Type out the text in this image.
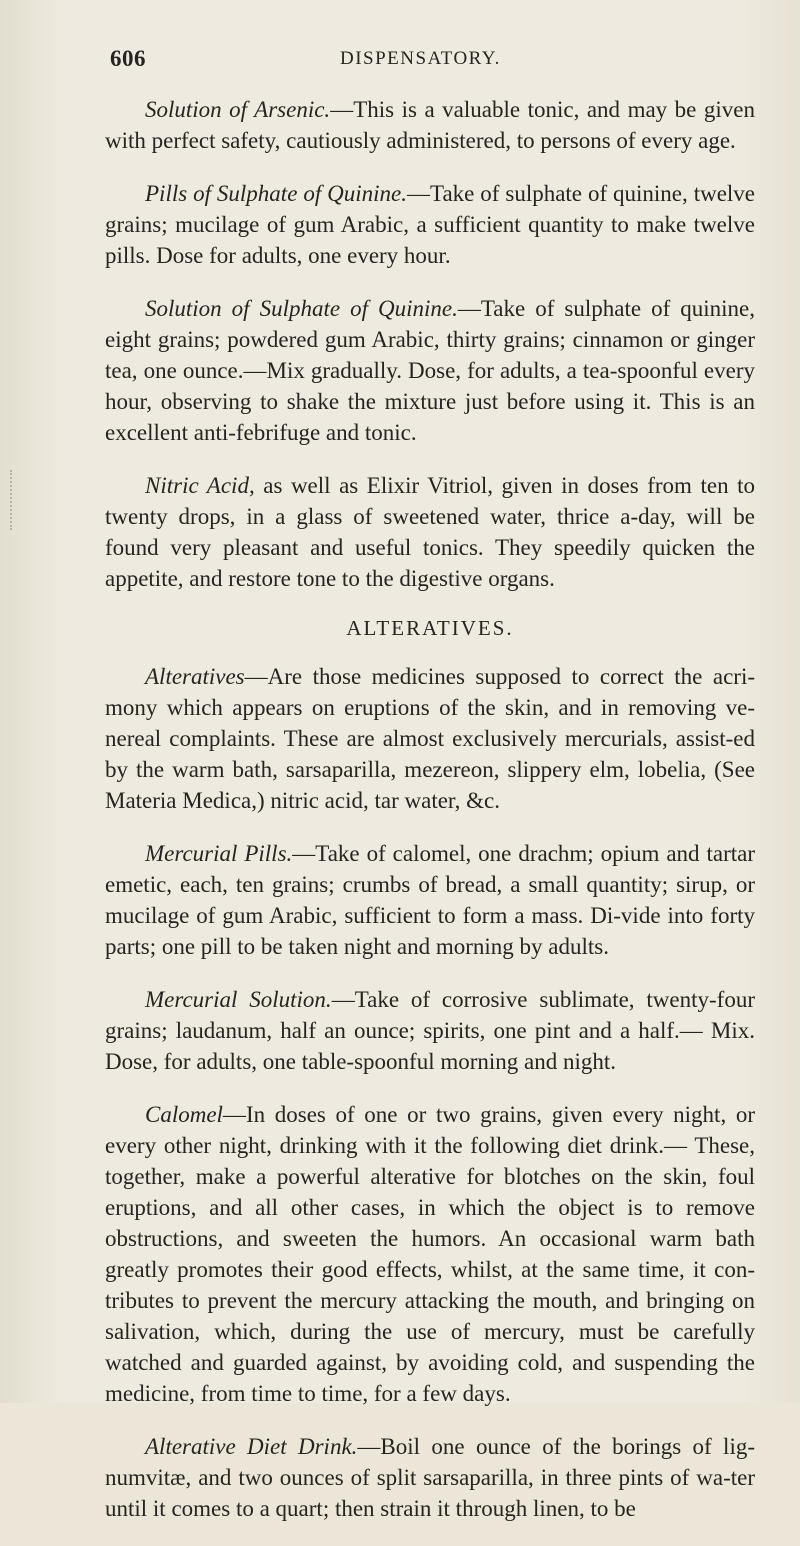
606	DISPENSATORY.

Solution of Arsenic.—This is a valuable tonic, and may be given with perfect safety, cautiously administered, to persons of every age.

Pills of Sulphate of Quinine.—Take of sulphate of quinine, twelve grains; mucilage of gum Arabic, a sufficient quantity to make twelve pills. Dose for adults, one every hour.

Solution of Sulphate of Quinine.—Take of sulphate of quinine, eight grains; powdered gum Arabic, thirty grains; cinnamon or ginger tea, one ounce.—Mix gradually. Dose, for adults, a tea-spoonful every hour, observing to shake the mixture just before using it. This is an excellent anti-febrifuge and tonic.

Nitric Acid, as well as Elixir Vitriol, given in doses from ten to twenty drops, in a glass of sweetened water, thrice a-day, will be found very pleasant and useful tonics. They speedily quicken the appetite, and restore tone to the digestive organs.

ALTERATIVES.

Alteratives—Are those medicines supposed to correct the acri-mony which appears on eruptions of the skin, and in removing ve-nereal complaints. These are almost exclusively mercurials, assist-ed by the warm bath, sarsaparilla, mezereon, slippery elm, lobelia, (See Materia Medica,) nitric acid, tar water, &c.

Mercurial Pills.—Take of calomel, one drachm; opium and tartar emetic, each, ten grains; crumbs of bread, a small quantity; sirup, or mucilage of gum Arabic, sufficient to form a mass. Di-vide into forty parts; one pill to be taken night and morning by adults.

Mercurial Solution.—Take of corrosive sublimate, twenty-four grains; laudanum, half an ounce; spirits, one pint and a half.— Mix. Dose, for adults, one table-spoonful morning and night.

Calomel—In doses of one or two grains, given every night, or every other night, drinking with it the following diet drink.— These, together, make a powerful alterative for blotches on the skin, foul eruptions, and all other cases, in which the object is to remove obstructions, and sweeten the humors. An occasional warm bath greatly promotes their good effects, whilst, at the same time, it con-tributes to prevent the mercury attacking the mouth, and bringing on salivation, which, during the use of mercury, must be carefully watched and guarded against, by avoiding cold, and suspending the medicine, from time to time, for a few days.

Alterative Diet Drink.—Boil one ounce of the borings of lig-numvitæ, and two ounces of split sarsaparilla, in three pints of wa-ter until it comes to a quart; then strain it through linen, to be
